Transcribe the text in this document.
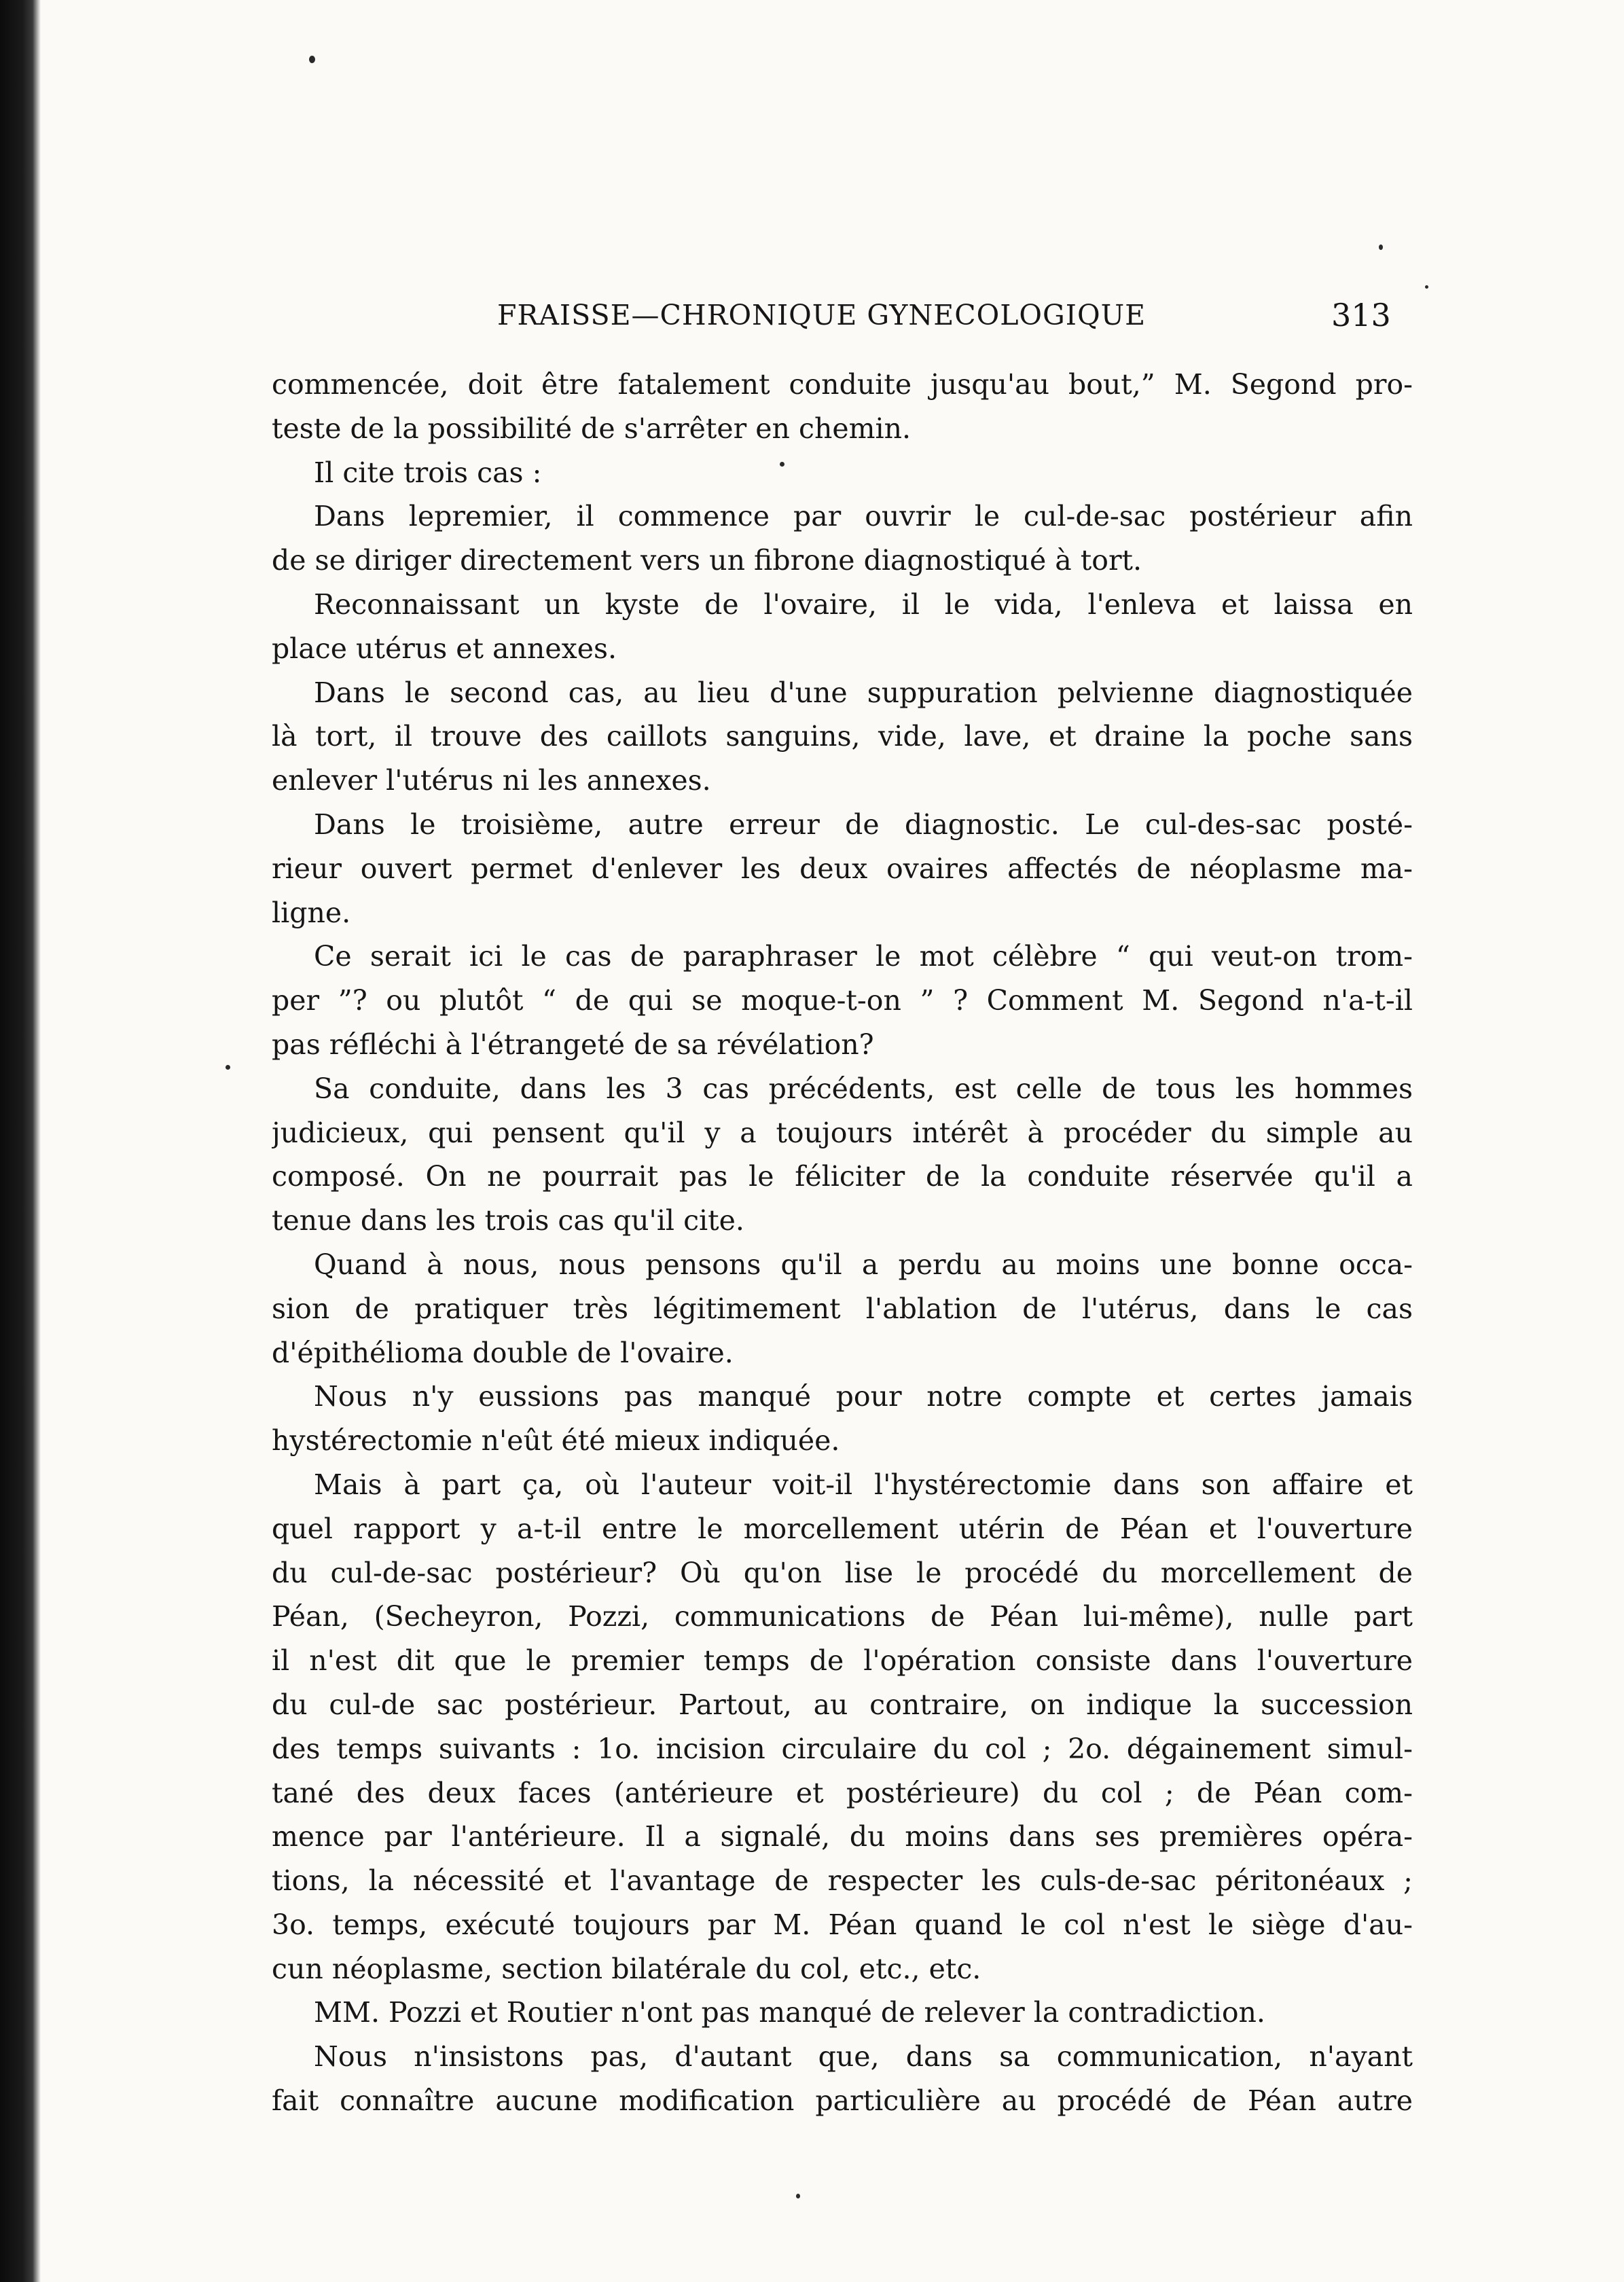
FRAISSE—CHRONIQUE GYNECOLOGIQUE	313
commencée, doit être fatalement conduite jusqu'au bout,” M. Segond pro-
teste de la possibilité de s'arrêter en chemin.
Il cite trois cas :
Dans lepremier, il commence par ouvrir le cul-de-sac postérieur afin
de se diriger directement vers un fibrone diagnostiqué à tort.
Reconnaissant un kyste de l'ovaire, il le vida, l'enleva et laissa en
place utérus et annexes.
Dans le second cas, au lieu d'une suppuration pelvienne diagnostiquée
là tort, il trouve des caillots sanguins, vide, lave, et draine la poche sans
enlever l'utérus ni les annexes.
Dans le troisième, autre erreur de diagnostic. Le cul-des-sac posté-
rieur ouvert permet d'enlever les deux ovaires affectés de néoplasme ma-
ligne.
Ce serait ici le cas de paraphraser le mot célèbre “ qui veut-on trom-
per ”? ou plutôt “ de qui se moque-t-on ” ? Comment M. Segond n'a-t-il
pas réfléchi à l'étrangeté de sa révélation?
Sa conduite, dans les 3 cas précédents, est celle de tous les hommes
judicieux, qui pensent qu'il y a toujours intérêt à procéder du simple au
composé. On ne pourrait pas le féliciter de la conduite réservée qu'il a
tenue dans les trois cas qu'il cite.
Quand à nous, nous pensons qu'il a perdu au moins une bonne occa-
sion de pratiquer très légitimement l'ablation de l'utérus, dans le cas
d'épithélioma double de l'ovaire.
Nous n'y eussions pas manqué pour notre compte et certes jamais
hystérectomie n'eût été mieux indiquée.
Mais à part ça, où l'auteur voit-il l'hystérectomie dans son affaire et
quel rapport y a-t-il entre le morcellement utérin de Péan et l'ouverture
du cul-de-sac postérieur? Où qu'on lise le procédé du morcellement de
Péan, (Sechеyron, Pozzi, communications de Péan lui-même), nulle part
il n'est dit que le premier temps de l'opération consiste dans l'ouverture
du cul-de sac postérieur. Partout, au contraire, on indique la succession
des temps suivants : 1o. incision circulaire du col ; 2o. dégainement simul-
tané des deux faces (antérieure et postérieure) du col ; de Péan com-
mence par l'antérieure. Il a signalé, du moins dans ses premières opéra-
tions, la nécessité et l'avantage de respecter les culs-de-sac péritonéaux ;
3o. temps, exécuté toujours par M. Péan quand le col n'est le siège d'au-
cun néoplasme, section bilatérale du col, etc., etc.
MM. Pozzi et Routier n'ont pas manqué de relever la contradiction.
Nous n'insistons pas, d'autant que, dans sa communication, n'ayant
fait connaître aucune modification particulière au procédé de Péan autre
